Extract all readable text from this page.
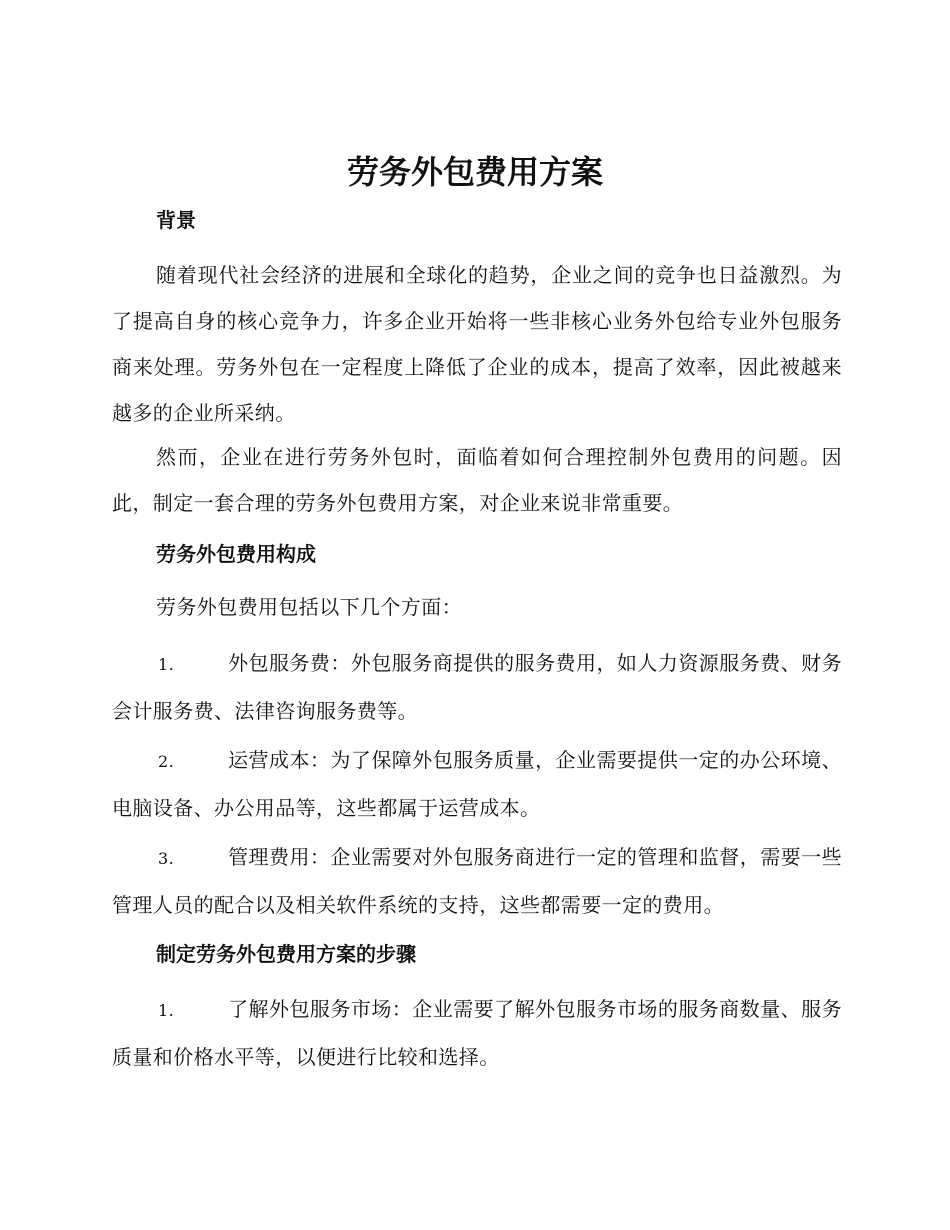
劳务外包费用方案
背景

随着现代社会经济的进展和全球化的趋势，企业之间的竞争也日益激烈。为了提高自身的核心竞争力，许多企业开始将一些非核心业务外包给专业外包服务商来处理。劳务外包在一定程度上降低了企业的成本，提高了效率，因此被越来越多的企业所采纳。

然而，企业在进行劳务外包时，面临着如何合理控制外包费用的问题。因此，制定一套合理的劳务外包费用方案，对企业来说非常重要。

劳务外包费用构成

劳务外包费用包括以下几个方面：

1.	外包服务费：外包服务商提供的服务费用，如人力资源服务费、财务会计服务费、法律咨询服务费等。

2.	运营成本：为了保障外包服务质量，企业需要提供一定的办公环境、电脑设备、办公用品等，这些都属于运营成本。

3.	管理费用：企业需要对外包服务商进行一定的管理和监督，需要一些管理人员的配合以及相关软件系统的支持，这些都需要一定的费用。

制定劳务外包费用方案的步骤

1.	了解外包服务市场：企业需要了解外包服务市场的服务商数量、服务质量和价格水平等，以便进行比较和选择。
